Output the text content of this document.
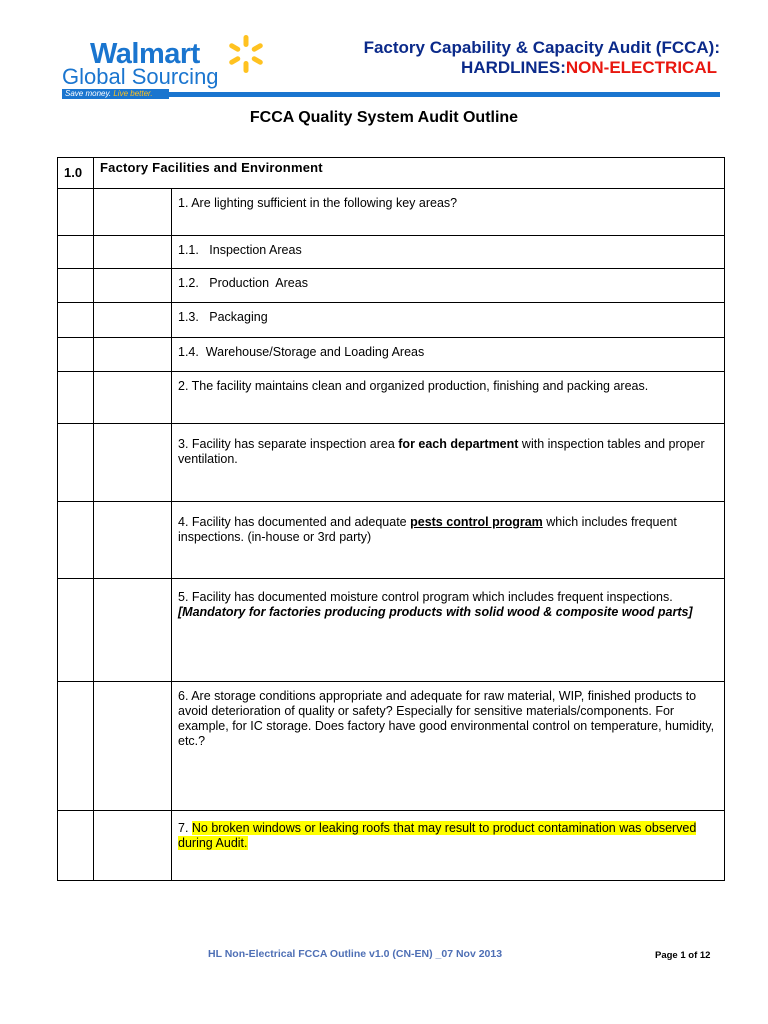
Walmart
Global Sourcing
Save money. Live better.
Factory Capability & Capacity Audit (FCCA):
HARDLINES:NON-ELECTRICAL
FCCA Quality System Audit Outline
1.0	Factory Facilities and Environment	
		1. Are lighting sufficient in the following key areas?
		1.1.   Inspection Areas
		1.2.   Production  Areas
		1.3.   Packaging
		1.4.  Warehouse/Storage and Loading Areas
		2. The facility maintains clean and organized production, finishing and packing areas.
		3. Facility has separate inspection area for each department with inspection tables and proper ventilation.
		4. Facility has documented and adequate pests control program which includes frequent inspections. (in-house or 3rd party)
		5. Facility has documented moisture control program which includes frequent inspections. [Mandatory for factories producing products with solid wood & composite wood parts]
		6. Are storage conditions appropriate and adequate for raw material, WIP, finished products to avoid deterioration of quality or safety? Especially for sensitive materials/components. For example, for IC storage. Does factory have good environmental control on temperature, humidity, etc.?
		7. No broken windows or leaking roofs that may result to product contamination was observed during Audit.
HL Non-Electrical FCCA Outline v1.0 (CN-EN) _07 Nov 2013	Page 1 of 12
